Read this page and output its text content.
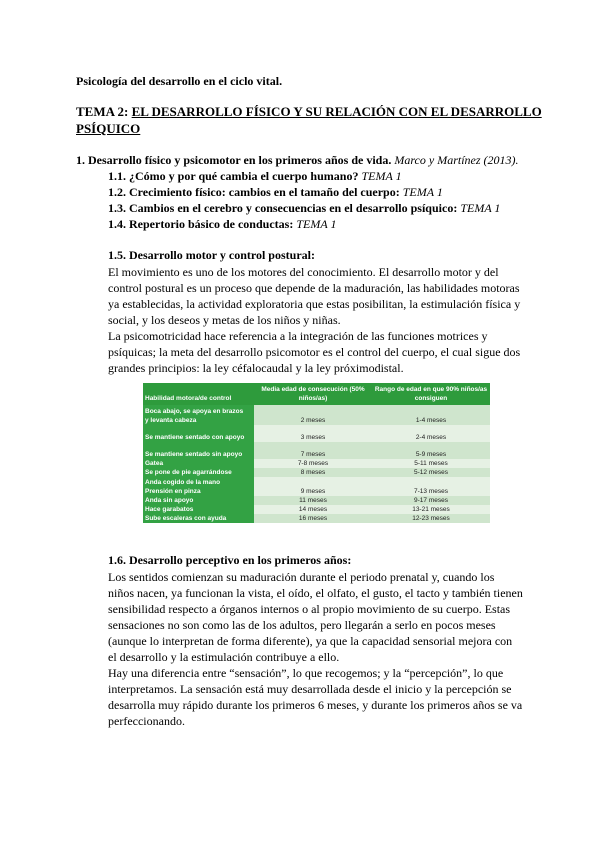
Psicología del desarrollo en el ciclo vital.
TEMA 2: EL DESARROLLO FÍSICO Y SU RELACIÓN CON EL DESARROLLO
PSÍQUICO
1. Desarrollo físico y psicomotor en los primeros años de vida. Marco y Martínez (2013).
1.1. ¿Cómo y por qué cambia el cuerpo humano? TEMA 1
1.2. Crecimiento físico: cambios en el tamaño del cuerpo: TEMA 1
1.3. Cambios en el cerebro y consecuencias en el desarrollo psíquico: TEMA 1
1.4. Repertorio básico de conductas: TEMA 1
1.5. Desarrollo motor y control postural:
El movimiento es uno de los motores del conocimiento. El desarrollo motor y del
control postural es un proceso que depende de la maduración, las habilidades motoras
ya establecidas, la actividad exploratoria que estas posibilitan, la estimulación física y
social, y los deseos y metas de los niños y niñas.
La psicomotricidad hace referencia a la integración de las funciones motrices y
psíquicas; la meta del desarrollo psicomotor es el control del cuerpo, el cual sigue dos
grandes principios: la ley céfalocaudal y la ley próximodistal.
Habilidad motora/de control	Media edad de consecución (50% niños/as)	Rango de edad en que 90% niños/as consiguen
Boca abajo, se apoya en brazos
y levanta cabeza	2 meses	1-4 meses
Se mantiene sentado con apoyo	3 meses	2-4 meses
Se mantiene sentado sin apoyo	7 meses	5-9 meses
Gatea	7-8 meses	5-11 meses
Se pone de pie agarrándose	8 meses	5-12 meses
Anda cogido de la mano
Prensión en pinza	9 meses	7-13 meses
Anda sin apoyo	11 meses	9-17 meses
Hace garabatos	14 meses	13-21 meses
Sube escaleras con ayuda	16 meses	12-23 meses
1.6. Desarrollo perceptivo en los primeros años:
Los sentidos comienzan su maduración durante el periodo prenatal y, cuando los
niños nacen, ya funcionan la vista, el oído, el olfato, el gusto, el tacto y también tienen
sensibilidad respecto a órganos internos o al propio movimiento de su cuerpo. Estas
sensaciones no son como las de los adultos, pero llegarán a serlo en pocos meses
(aunque lo interpretan de forma diferente), ya que la capacidad sensorial mejora con
el desarrollo y la estimulación contribuye a ello.
Hay una diferencia entre “sensación”, lo que recogemos; y la “percepción”, lo que
interpretamos. La sensación está muy desarrollada desde el inicio y la percepción se
desarrolla muy rápido durante los primeros 6 meses, y durante los primeros años se va
perfeccionando.
